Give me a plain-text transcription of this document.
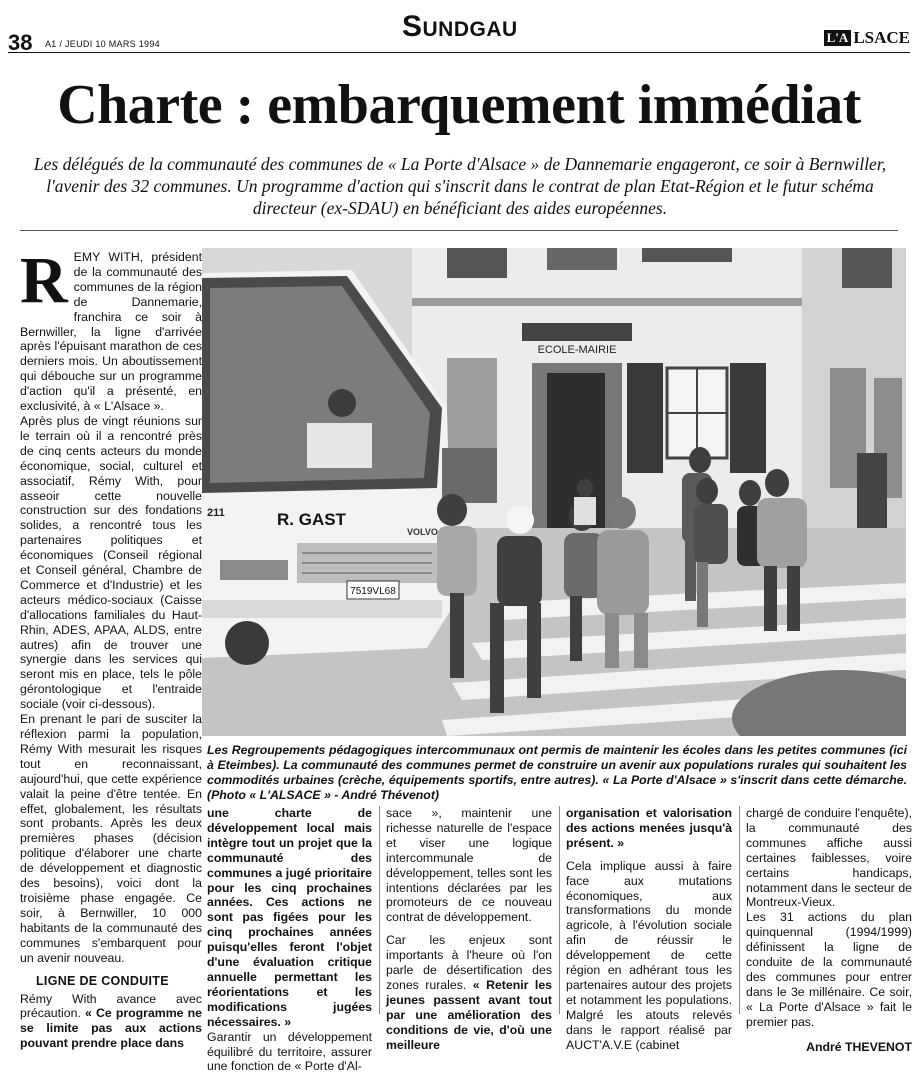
38 A1 / JEUDI 10 MARS 1994
SUNDGAU	L'A LSACE
Charte : embarquement immédiat
Les délégués de la communauté des communes de « La Porte d'Alsace » de Dannemarie engageront, ce soir à Bernwiller, l'avenir des 32 communes. Un programme d'action qui s'inscrit dans le contrat de plan Etat-Région et le futur schéma directeur (ex-SDAU) en bénéficiant des aides européennes.

REMY WITH, président de la communauté des communes de la région de Dannemarie, franchira ce soir à Bernwiller, la ligne d'arrivée après l'épuisant marathon de ces derniers mois. Un aboutissement qui débouche sur un programme d'action qu'il a présenté, en exclusivité, à « L'Alsace ».

Après plus de vingt réunions sur le terrain où il a rencontré près de cinq cents acteurs du monde économique, social, culturel et associatif, Rémy With, pour asseoir cette nouvelle construction sur des fondations solides, a rencontré tous les partenaires politiques et économiques (Conseil régional et Conseil général, Chambre de Commerce et d'Industrie) et les acteurs médico-sociaux (Caisse d'allocations familiales du Haut-Rhin, ADES, APAA, ALDS, entre autres) afin de trouver une synergie dans les services qui seront mis en place, tels le pôle gérontologique et l'entraide sociale (voir ci-dessous).

En prenant le pari de susciter la réflexion parmi la population, Rémy With mesurait les risques tout en reconnaissant, aujourd'hui, que cette expérience valait la peine d'être tentée. En effet, globalement, les résultats sont probants. Après les deux premières phases (décision politique d'élaborer une charte de développement et diagnostic des besoins), voici dont la troisième phase engagée. Ce soir, à Bernwiller, 10 000 habitants de la communauté des communes s'embarquent pour un avenir nouveau.

LIGNE DE CONDUITE

Rémy With avance avec précaution. « Ce programme ne se limite pas aux actions pouvant prendre place dans

ECOLE-MAIRIE
211	R. GAST
VOLVO
7519VL68
Les Regroupements pédagogiques intercommunaux ont permis de maintenir les écoles dans les petites communes (ici à Eteimbes). La communauté des communes permet de construire un avenir aux populations rurales qui souhaitent les commodités urbaines (crèche, équipements sportifs, entre autres). « La Porte d'Alsace » s'inscrit dans cette démarche. (Photo « L'ALSACE » - André Thévenot)

une charte de développement local mais intègre tout un projet que la communauté des communes a jugé prioritaire pour les cinq prochaines années. Ces actions ne sont pas figées pour les cinq prochaines années puisqu'elles feront l'objet d'une évaluation critique annuelle permettant les réorientations et les modifications jugées nécessaires. »

Garantir un développement équilibré du territoire, assurer une fonction de « Porte d'Al-

sace », maintenir une richesse naturelle de l'espace et viser une logique intercommunale de développement, telles sont les intentions déclarées par les promoteurs de ce nouveau contrat de développement.

Car les enjeux sont importants à l'heure où l'on parle de désertification des zones rurales. « Retenir les jeunes passent avant tout par une amélioration des conditions de vie, d'où une meilleure

organisation et valorisation des actions menées jusqu'à présent. »

Cela implique aussi à faire face aux mutations économiques, aux transformations du monde agricole, à l'évolution sociale afin de réussir le développement de cette région en adhérant tous les partenaires autour des projets et notamment les populations. Malgré les atouts relevés dans le rapport réalisé par AUCT'A.V.E (cabinet

chargé de conduire l'enquête), la communauté des communes affiche aussi certaines faiblesses, voire certains handicaps, notamment dans le secteur de Montreux-Vieux.

Les 31 actions du plan quinquennal (1994/1999) définissent la ligne de conduite de la communauté des communes pour entrer dans le 3e millénaire. Ce soir, « La Porte d'Alsace » fait le premier pas.

André THEVENOT
